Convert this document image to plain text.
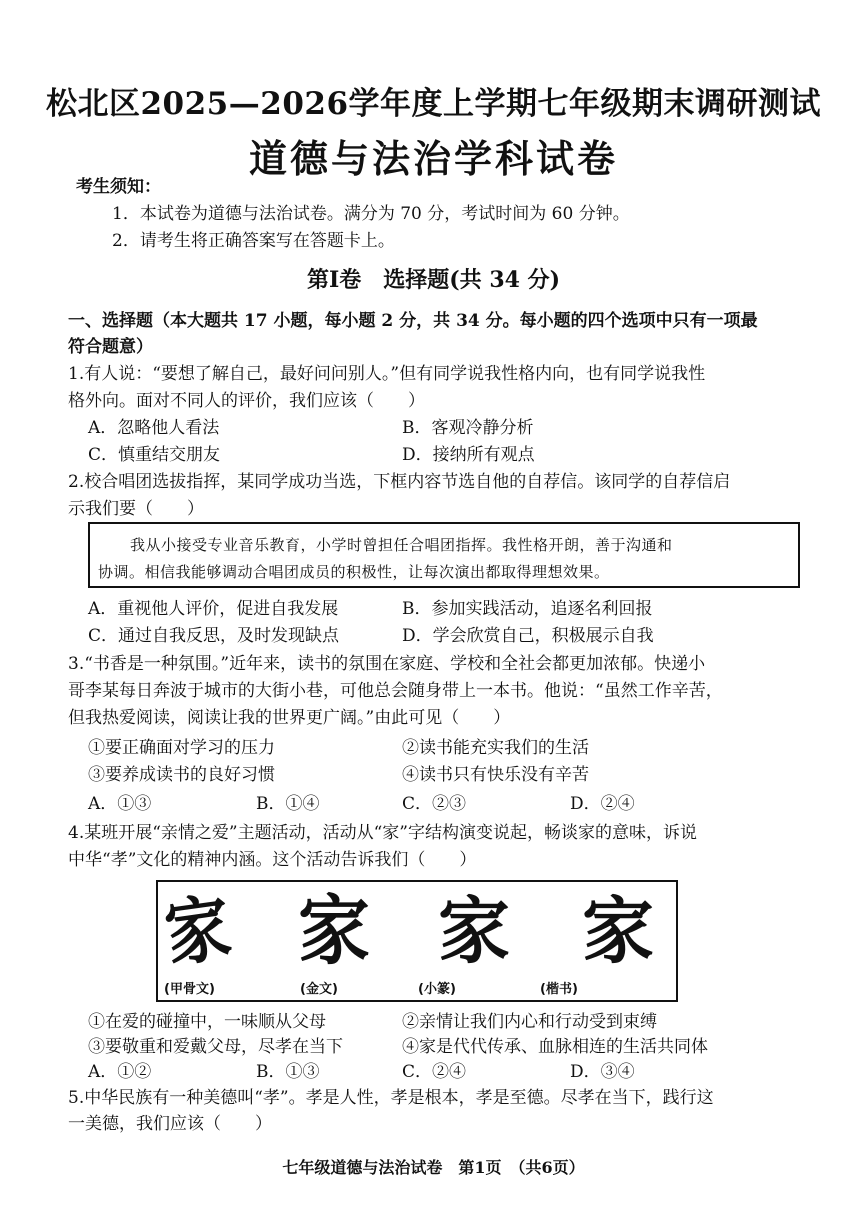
松北区2025—2026学年度上学期七年级期末调研测试
道德与法治学科试卷
考生须知：
1．本试卷为道德与法治试卷。满分为 70 分，考试时间为 60 分钟。
2．请考生将正确答案写在答题卡上。
第Ⅰ卷　选择题(共 34 分)
一、选择题（本大题共 17 小题，每小题 2 分，共 34 分。每小题的四个选项中只有一项最
符合题意）
1.有人说：“要想了解自己，最好问问别人。”但有同学说我性格内向，也有同学说我性
格外向。面对不同人的评价，我们应该（　　）
A．忽略他人看法	B．客观冷静分析
C．慎重结交朋友	D．接纳所有观点
2.校合唱团选拔指挥，某同学成功当选，下框内容节选自他的自荐信。该同学的自荐信启
示我们要（　　）
我从小接受专业音乐教育，小学时曾担任合唱团指挥。我性格开朗，善于沟通和
协调。相信我能够调动合唱团成员的积极性，让每次演出都取得理想效果。
A．重视他人评价，促进自我发展	B．参加实践活动，追逐名利回报
C．通过自我反思，及时发现缺点	D．学会欣赏自己，积极展示自我
3.“书香是一种氛围。”近年来，读书的氛围在家庭、学校和全社会都更加浓郁。快递小
哥李某每日奔波于城市的大街小巷，可他总会随身带上一本书。他说：“虽然工作辛苦，
但我热爱阅读，阅读让我的世界更广阔。”由此可见（　　）
①要正确面对学习的压力	②读书能充实我们的生活
③要养成读书的良好习惯	④读书只有快乐没有辛苦
A．①③	B．①④	C．②③	D．②④
4.某班开展“亲情之爱”主题活动，活动从“家”字结构演变说起，畅谈家的意味，诉说
中华“孝”文化的精神内涵。这个活动告诉我们（　　）
家 家 家 家
(甲骨文)	(金文)	(小篆)	(楷书)
①在爱的碰撞中，一味顺从父母	②亲情让我们内心和行动受到束缚
③要敬重和爱戴父母，尽孝在当下	④家是代代传承、血脉相连的生活共同体
A．①②	B．①③	C．②④	D．③④
5.中华民族有一种美德叫“孝”。孝是人性，孝是根本，孝是至德。尽孝在当下，践行这
一美德，我们应该（　　）
七年级道德与法治试卷　第1页　（共6页）
